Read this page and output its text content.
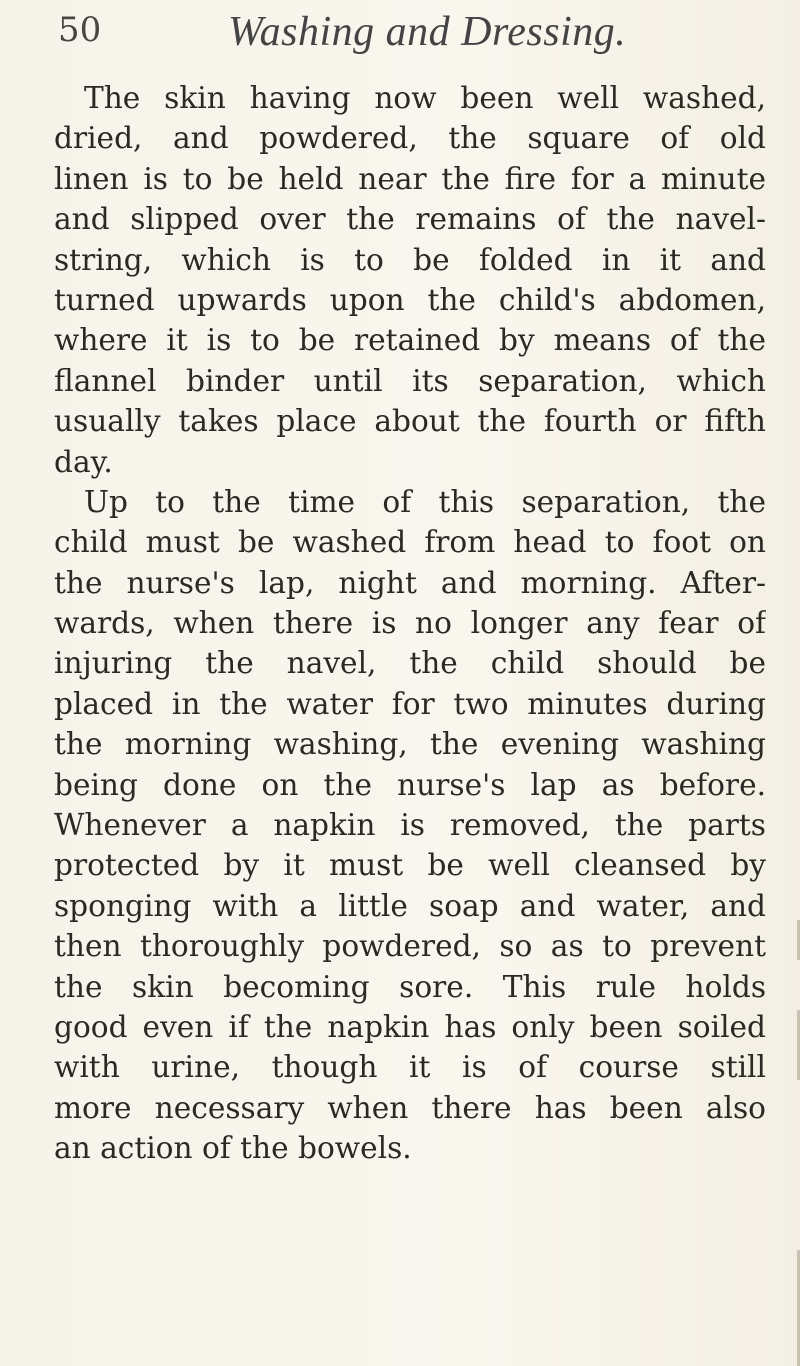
50	Washing and Dressing.
The skin having now been well washed,
dried, and powdered, the square of old
linen is to be held near the fire for a minute
and slipped over the remains of the navel-
string, which is to be folded in it and
turned upwards upon the child's abdomen,
where it is to be retained by means of the
flannel binder until its separation, which
usually takes place about the fourth or fifth
day.
Up to the time of this separation, the
child must be washed from head to foot on
the nurse's lap, night and morning. After-
wards, when there is no longer any fear of
injuring the navel, the child should be
placed in the water for two minutes during
the morning washing, the evening washing
being done on the nurse's lap as before.
Whenever a napkin is removed, the parts
protected by it must be well cleansed by
sponging with a little soap and water, and
then thoroughly powdered, so as to prevent
the skin becoming sore. This rule holds
good even if the napkin has only been soiled
with urine, though it is of course still
more necessary when there has been also
an action of the bowels.
